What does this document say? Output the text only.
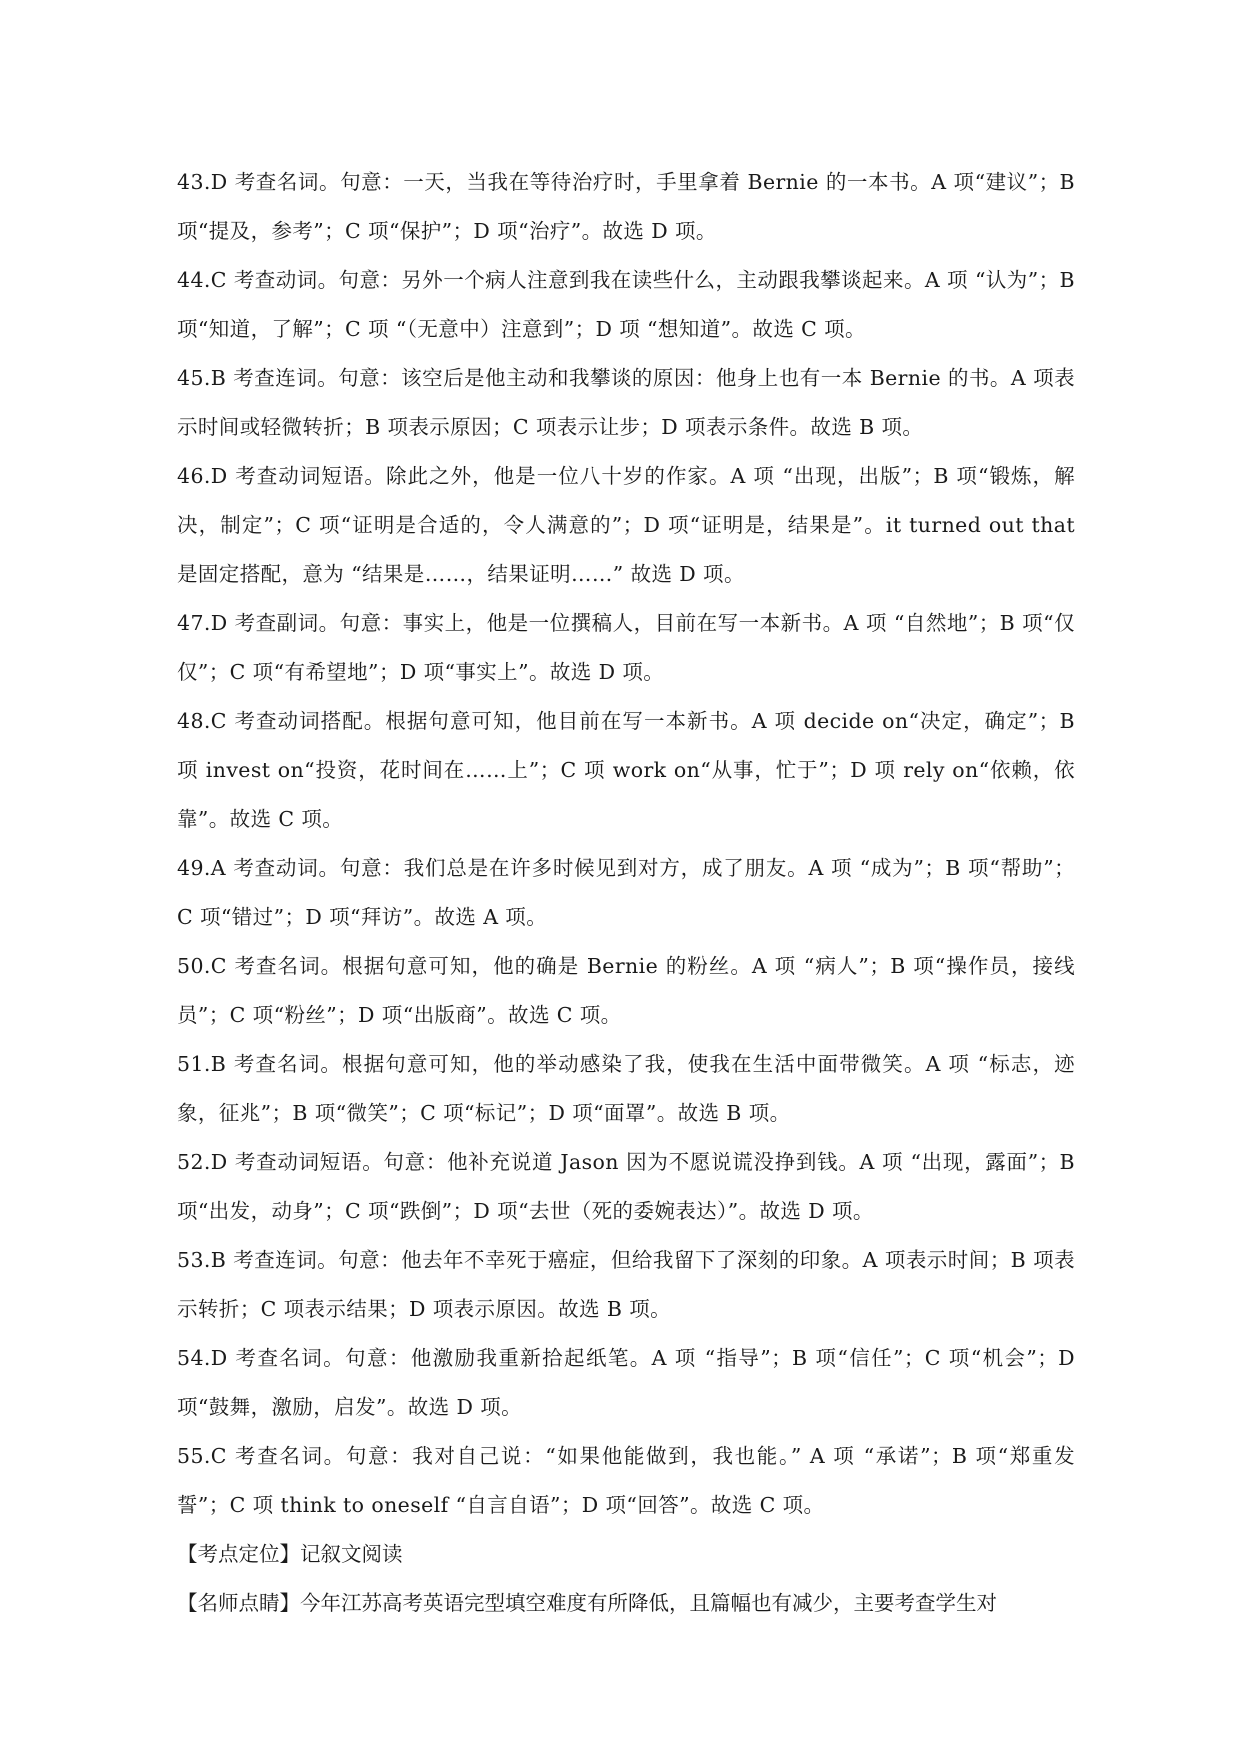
43.D 考查名词。句意：一天，当我在等待治疗时，手里拿着 Bernie 的一本书。A 项“建议”；B 项“提及，参考”；C 项“保护”；D 项“治疗”。故选 D 项。

44.C 考查动词。句意：另外一个病人注意到我在读些什么，主动跟我攀谈起来。A 项 “认为”；B 项“知道，了解”；C 项 “（无意中）注意到”；D 项 “想知道”。故选 C 项。

45.B 考查连词。句意：该空后是他主动和我攀谈的原因：他身上也有一本 Bernie 的书。A 项表示时间或轻微转折；B 项表示原因；C 项表示让步；D 项表示条件。故选 B 项。

46.D 考查动词短语。除此之外，他是一位八十岁的作家。A 项 “出现，出版”；B 项“锻炼，解决，制定”；C 项“证明是合适的，令人满意的”；D 项“证明是，结果是”。it turned out that 是固定搭配，意为 “结果是……，结果证明……” 故选 D 项。

47.D 考查副词。句意：事实上，他是一位撰稿人，目前在写一本新书。A 项 “自然地”；B 项“仅仅”；C 项“有希望地”；D 项“事实上”。故选 D 项。

48.C 考查动词搭配。根据句意可知，他目前在写一本新书。A 项 decide on“决定，确定”；B 项 invest on“投资，花时间在……上”；C 项 work on“从事，忙于”；D 项 rely on“依赖，依靠”。故选 C 项。

49.A 考查动词。句意：我们总是在许多时候见到对方，成了朋友。A 项 “成为”；B 项“帮助”；C 项“错过”；D 项“拜访”。故选 A 项。

50.C 考查名词。根据句意可知，他的确是 Bernie 的粉丝。A 项 “病人”；B 项“操作员，接线员”；C 项“粉丝”；D 项“出版商”。故选 C 项。

51.B 考查名词。根据句意可知，他的举动感染了我，使我在生活中面带微笑。A 项 “标志，迹象，征兆”；B 项“微笑”；C 项“标记”；D 项“面罩”。故选 B 项。

52.D 考查动词短语。句意：他补充说道 Jason 因为不愿说谎没挣到钱。A 项 “出现，露面”；B 项“出发，动身”；C 项“跌倒”；D 项“去世（死的委婉表达）”。故选 D 项。

53.B 考查连词。句意：他去年不幸死于癌症，但给我留下了深刻的印象。A 项表示时间；B 项表示转折；C 项表示结果；D 项表示原因。故选 B 项。

54.D 考查名词。句意：他激励我重新拾起纸笔。A 项 “指导”；B 项“信任”；C 项“机会”；D 项“鼓舞，激励，启发”。故选 D 项。

55.C 考查名词。句意：我对自己说：“如果他能做到，我也能。” A 项 “承诺”；B 项“郑重发誓”；C 项 think to oneself “自言自语”；D 项“回答”。故选 C 项。

【考点定位】记叙文阅读

【名师点睛】今年江苏高考英语完型填空难度有所降低，且篇幅也有减少，主要考查学生对
